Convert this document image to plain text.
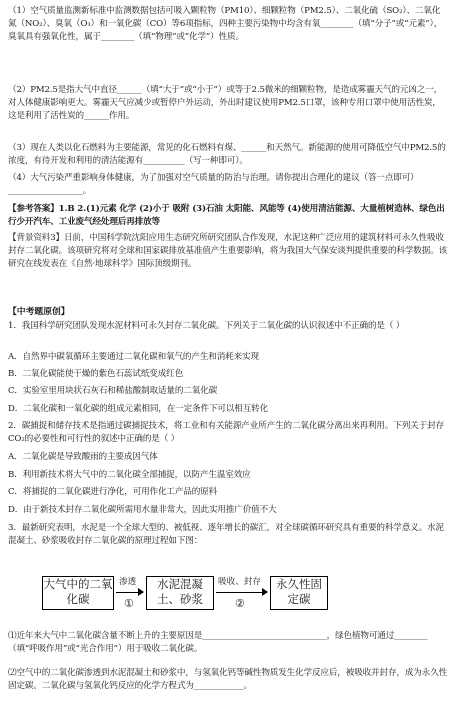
（1）空气质量监测新标准中监测数据包括可吸入颗粒物（PM10）、细颗粒物（PM2.5）、二氧化硫（SO₂）、二氧化氮（NO₂）、臭氧（O₃）和一氧化碳（CO）等6项指标，四种主要污染物中均含有氧________（填“分子”或“元素”），臭氧具有强氧化性，属于________（填“物理”或“化学”）性质。
（2）PM2.5是指大气中直径______（填“大于”或“小于”）或等于2.5微米的细颗粒物，是造成雾霾天气的元凶之一，对人体健康影响更大。雾霾天气应减少或暂停户外运动，外出时建议使用PM2.5口罩，该种专用口罩中使用活性炭，这是利用了活性炭的______作用。
（3）现在人类以化石燃料为主要能源，常见的化石燃料有煤、______和天然气。新能源的使用可降低空气中PM2.5的浓度，有待开发和利用的清洁能源有__________（写一种即可）。
（4）大气污染严重影响身体健康，为了加强对空气质量的防治与治理。请你提出合理化的建议（答一点即可）__________________。
【参考答案】1.B 2.(1)元素 化学 (2)小于 吸附 (3)石油 太阳能、风能等 (4)使用清洁能源、大量植树造林、绿色出行少开汽车、工业废气经处理后再排放等
【背景资料3】日前，中国科学院沈阳应用生态研究所研究团队合作发现，水泥这种广泛应用的建筑材料可永久性吸收封存二氧化碳。该项研究将对全球和国家碳排放基准值产生重要影响，将为我国大气保安谈判提供重要的科学数据。该研究在线发表在《自然·地球科学》国际顶级期刊。
【中考题原创】
1．我国科学研究团队发现水泥材料可永久封存二氧化碳。下列关于二氧化碳的认识叙述中不正确的是（ ）
A．自然界中碳氧循环主要通过二氧化碳和氧气的产生和消耗来实现
B．二氧化碳能使干燥的紫色石蕊试纸变成红色
C．实验室里用块状石灰石和稀盐酸制取适量的二氧化碳
D．二氧化碳和一氧化碳的组成元素相同，在一定条件下可以相互转化
2．碳捕捉和储存技术是指通过碳捕捉技术，将工业和有关能源产业所产生的二氧化碳分离出来再利用。下列关于封存CO₂的必要性和可行性的叙述中正确的是（ ）
A．二氧化碳是导致酸雨的主要成因气体
B．利用新技术将大气中的二氧化碳全部捕捉，以防产生温室效应
C．将捕捉的二氧化碳进行净化，可用作化工产品的原料
D．由于新技术封存二氧化碳所需用水量非常大，因此实用推广价值不大
3．最新研究表明，水泥是一个全球大型的、被低视、逐年增长的碳汇，对全球碳循环研究具有重要的科学意义。水泥混凝土、砂浆吸收封存二氧化碳的原理过程如下图：
大气中的二氧化碳
渗透
①
水泥混凝土、砂浆
吸收、封存
②
永久性固定碳
⑴近年来大气中二氧化碳含量不断上升的主要原因是______________________________，绿色植物可通过________（填“呼吸作用”或“光合作用”）用于吸收二氧化碳。
⑵空气中的二氧化碳渗透到水泥混凝土和砂浆中，与氢氧化钙等碱性物质发生化学反应后，被吸收并封存，成为永久性固定碳。二氧化碳与氢氧化钙反应的化学方程式为____________。
